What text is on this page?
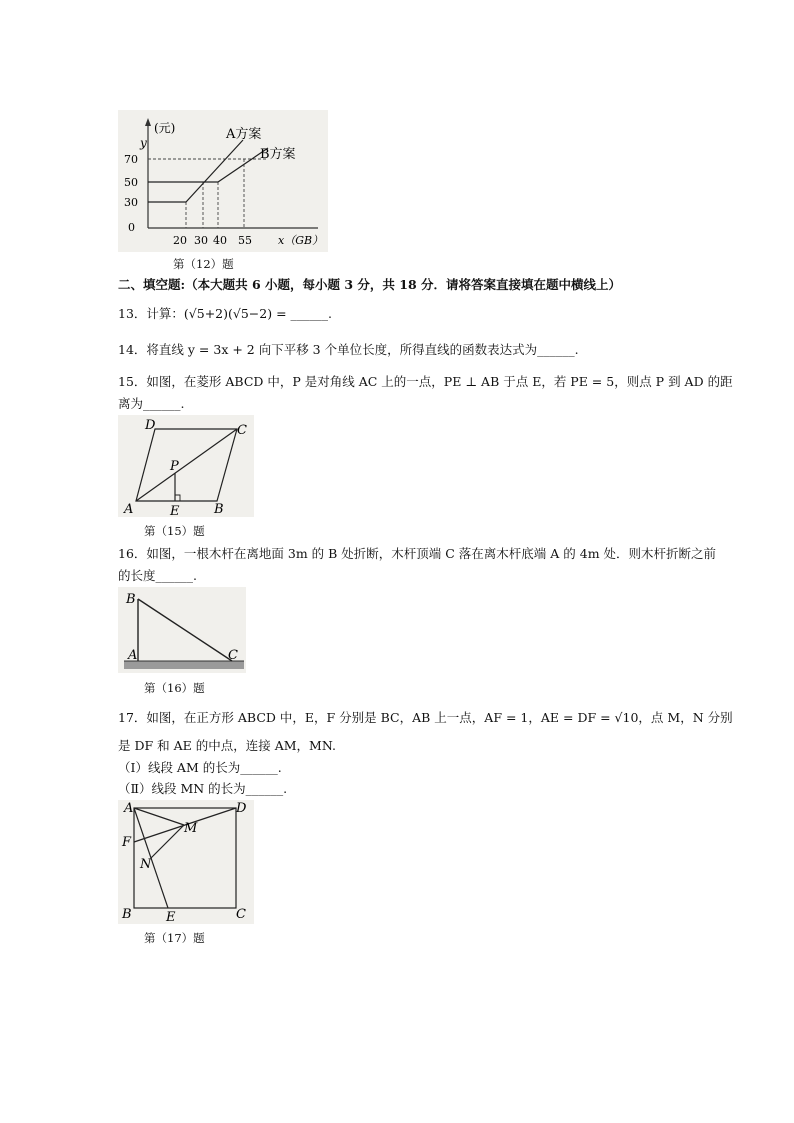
y
(元)	A方案
B方案
70
50
30
0
20 30 40 55 x（GB）
第（12）题
二、填空题:（本大题共 6 小题，每小题 3 分，共 18 分．请将答案直接填在题中横线上）
13．计算：(√5+2)(√5−2) = ______.
14．将直线 y = 3x + 2 向下平移 3 个单位长度，所得直线的函数表达式为______.
15．如图，在菱形 ABCD 中，P 是对角线 AC 上的一点，PE ⊥ AB 于点 E，若 PE = 5，则点 P 到 AD 的距
离为______.
A	B
C
D
P
E
第（15）题
16．如图，一根木杆在离地面 3m 的 B 处折断，木杆顶端 C 落在离木杆底端 A 的 4m 处．则木杆折断之前
的长度______.
B
A	C
第（16）题
17．如图，在正方形 ABCD 中，E，F 分别是 BC，AB 上一点，AF = 1，AE = DF = √10，点 M，N 分别
是 DF 和 AE 的中点，连接 AM，MN.
（Ⅰ）线段 AM 的长为______.
（Ⅱ）线段 MN 的长为______.
A	D
B	C
E
F
M
N
第（17）题
